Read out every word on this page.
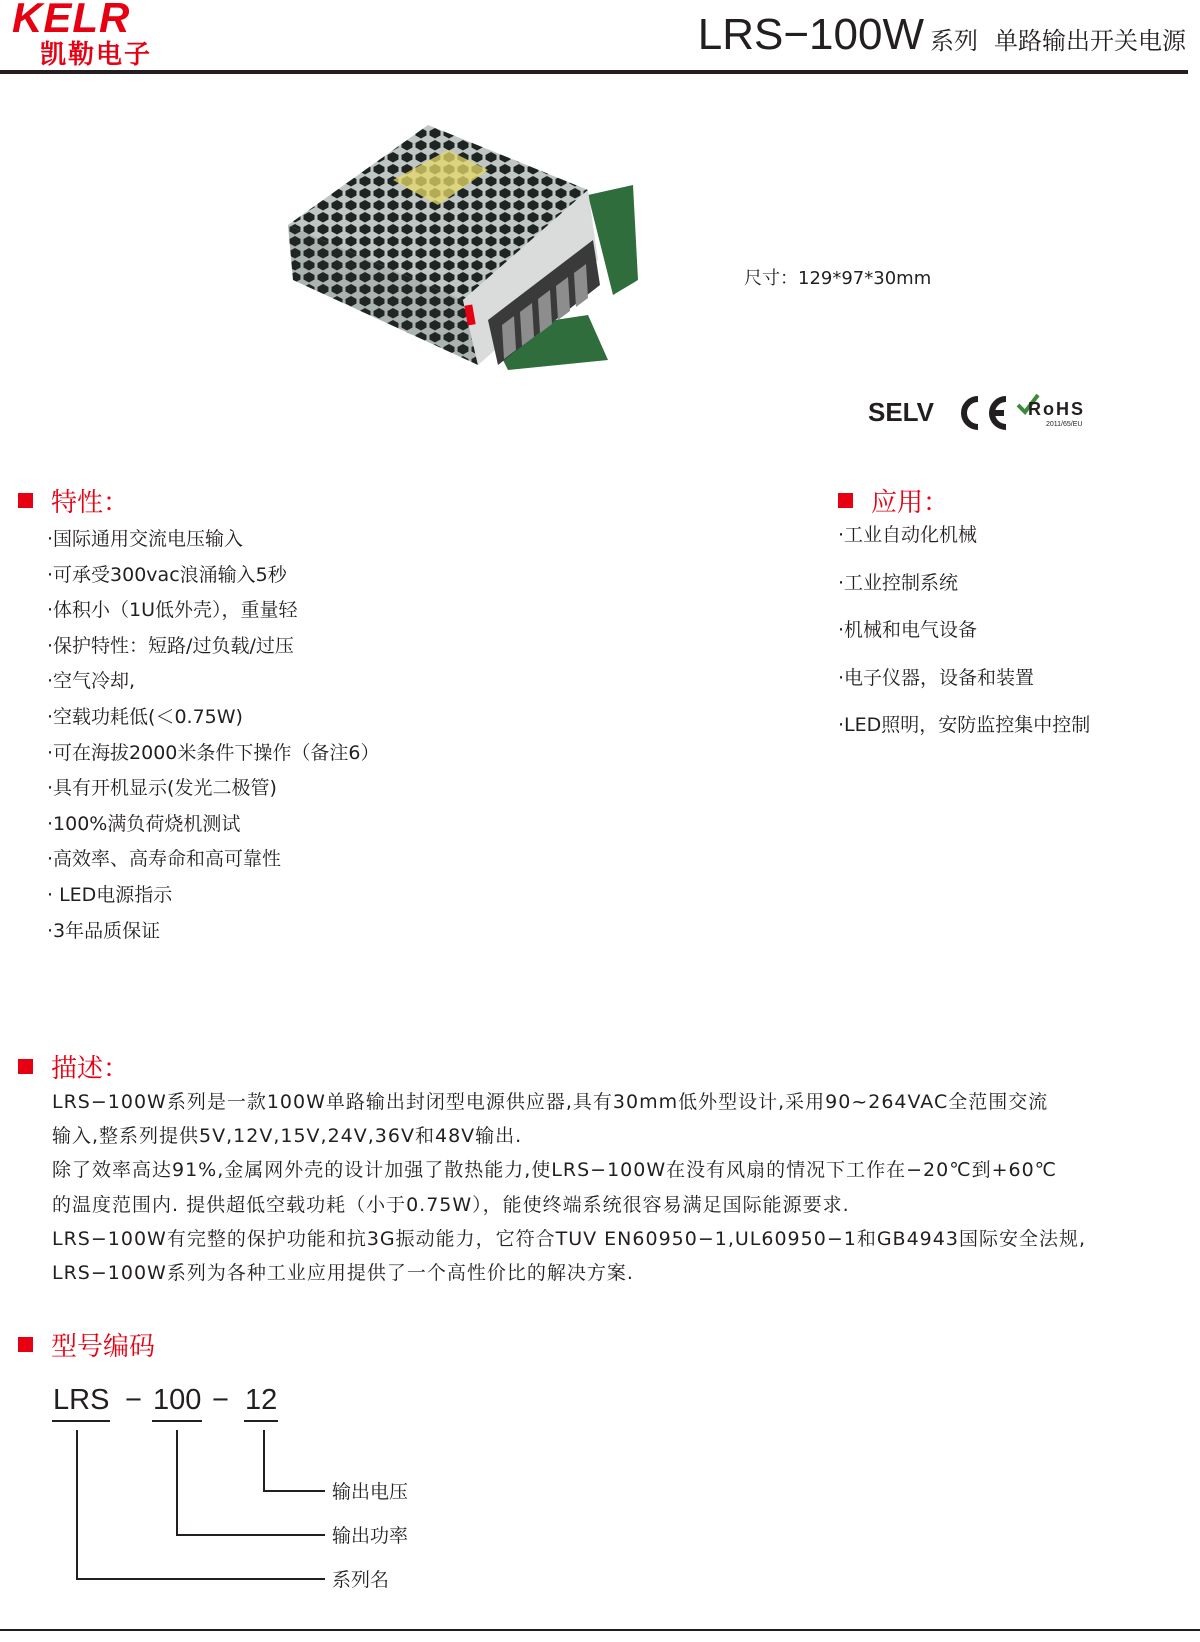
KELR
凯勒电子	LRS−100W 系列 单路输出开关电源
尺寸：129*97*30mm
SELV	RoHS
2011/65/EU
特性：
·国际通用交流电压输入
·可承受300vac浪涌输入5秒
·体积小（1U低外壳），重量轻
·保护特性：短路/过负载/过压
·空气冷却,
·空载功耗低(＜0.75W)
·可在海拔2000米条件下操作（备注6）
·具有开机显示(发光二极管)
·100%满负荷烧机测试
·高效率、高寿命和高可靠性
· LED电源指示
·3年品质保证
应用：
·工业自动化机械
·工业控制系统
·机械和电气设备
·电子仪器，设备和装置
·LED照明，安防监控集中控制
描述：
LRS−100W系列是一款100W单路输出封闭型电源供应器,具有30mm低外型设计,采用90~264VAC全范围交流
输入,整系列提供5V,12V,15V,24V,36V和48V输出.
除了效率高达91%,金属网外壳的设计加强了散热能力,使LRS−100W在没有风扇的情况下工作在−20℃到+60℃
的温度范围内. 提供超低空载功耗（小于0.75W），能使终端系统很容易满足国际能源要求.
LRS−100W有完整的保护功能和抗3G振动能力，它符合TUV EN60950−1,UL60950−1和GB4943国际安全法规,
LRS−100W系列为各种工业应用提供了一个高性价比的解决方案.
型号编码
LRS − 100 − 12
输出电压
输出功率
系列名
